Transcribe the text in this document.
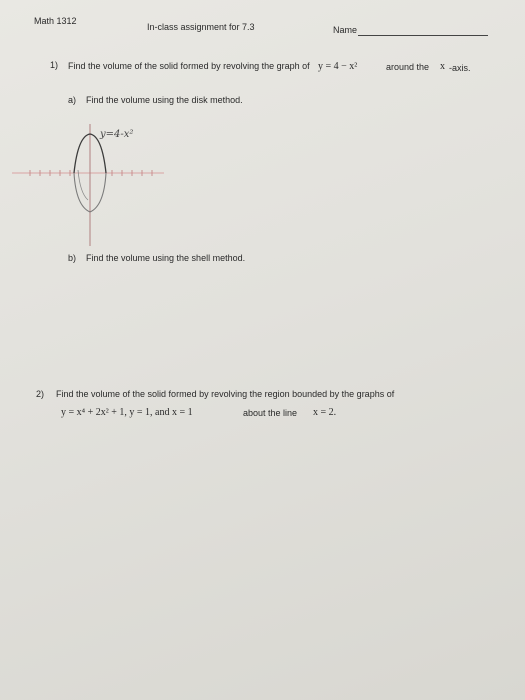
Math 1312
In-class assignment for 7.3	Name
1) Find the volume of the solid formed by revolving the graph of y = 4 − x²	around the x -axis.
a) Find the volume using the disk method.
y=4-x²
b) Find the volume using the shell method.
2) Find the volume of the solid formed by revolving the region bounded by the graphs of
y = x⁴ + 2x² + 1, y = 1, and x = 1	about the line x = 2.
